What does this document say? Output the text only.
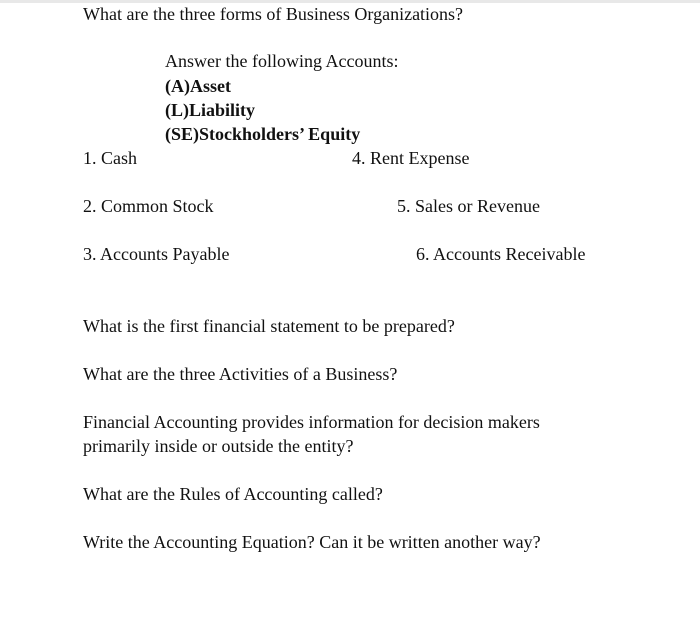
What are the three forms of Business Organizations?
Answer the following Accounts:
(A)Asset
(L)Liability
(SE)Stockholders’ Equity
1. Cash
2. Common Stock
3. Accounts Payable
4. Rent Expense
5. Sales or Revenue
6. Accounts Receivable
What is the first financial statement to be prepared?
What are the three Activities of a Business?
Financial Accounting provides information for decision makers
primarily inside or outside the entity?
What are the Rules of Accounting called?
Write the Accounting Equation? Can it be written another way?
